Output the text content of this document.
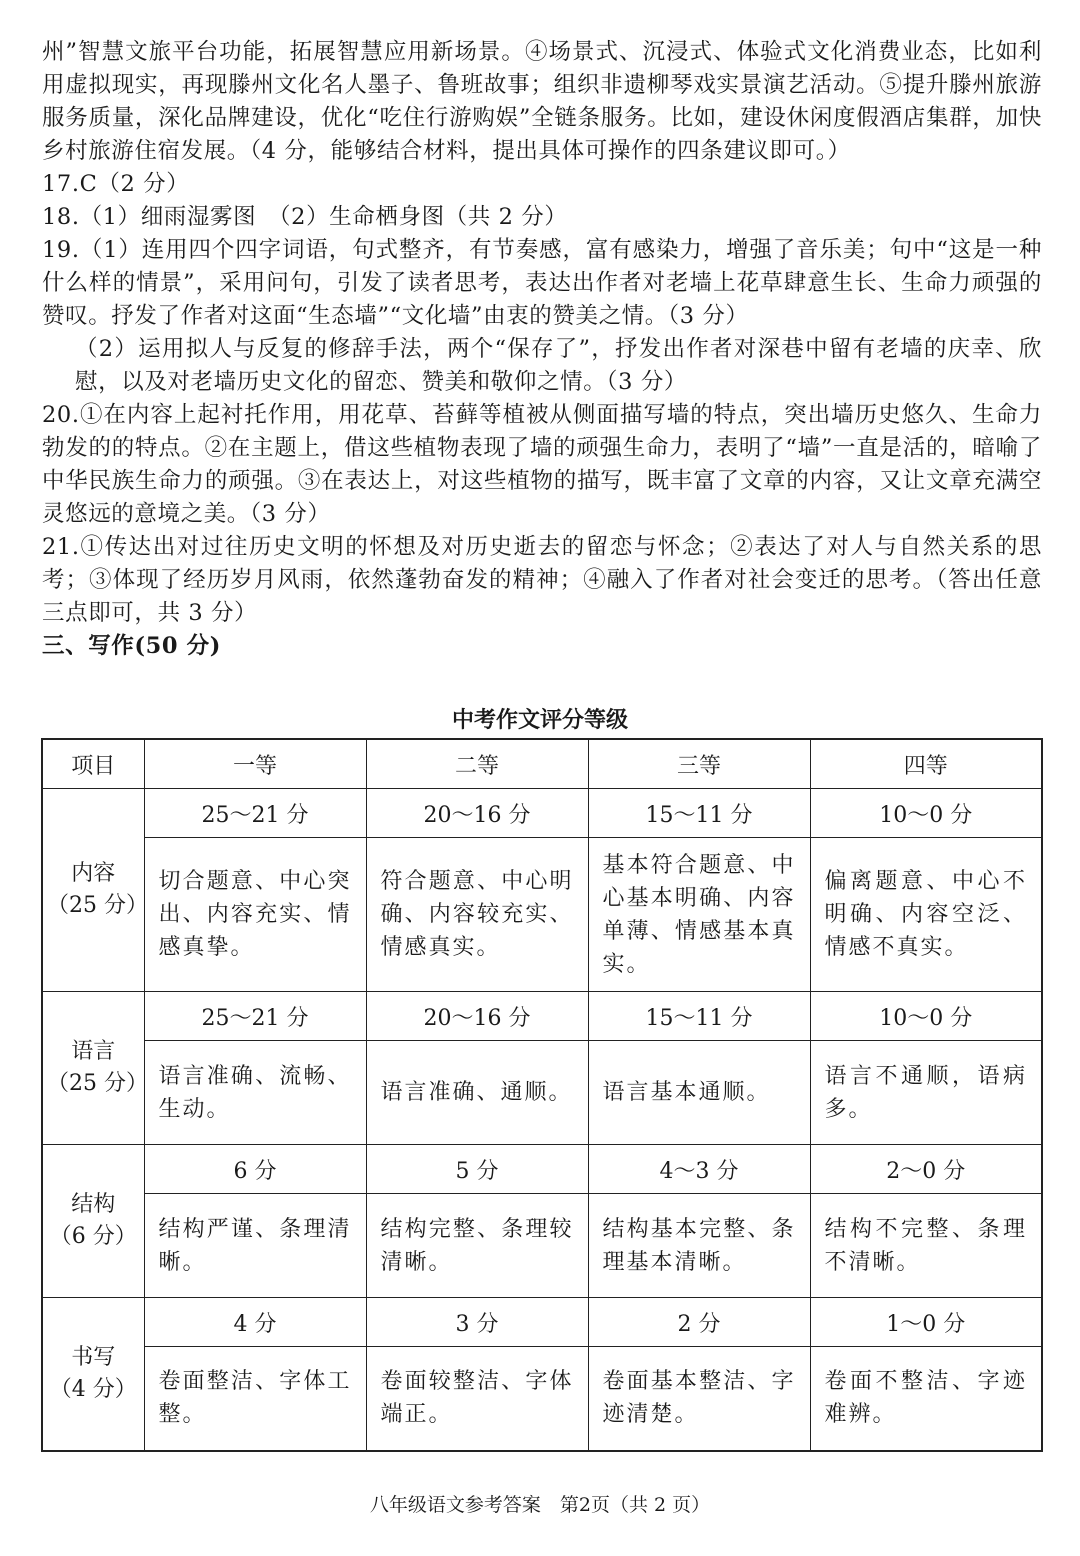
州”智慧文旅平台功能，拓展智慧应用新场景。④场景式、沉浸式、体验式文化消费业态，比如利用虚拟现实，再现滕州文化名人墨子、鲁班故事；组织非遗柳琴戏实景演艺活动。⑤提升滕州旅游服务质量，深化品牌建设，优化“吃住行游购娱”全链条服务。比如，建设休闲度假酒店集群，加快乡村旅游住宿发展。（4 分，能够结合材料，提出具体可操作的四条建议即可。）

17.C（2 分）

18.（1）细雨湿雾图　（2）生命栖身图（共 2 分）

19.（1）连用四个四字词语，句式整齐，有节奏感，富有感染力，增强了音乐美；句中“这是一种什么样的情景”，采用问句，引发了读者思考，表达出作者对老墙上花草肆意生长、生命力顽强的赞叹。抒发了作者对这面“生态墙”“文化墙”由衷的赞美之情。（3 分）

（2）运用拟人与反复的修辞手法，两个“保存了”，抒发出作者对深巷中留有老墙的庆幸、欣慰，以及对老墙历史文化的留恋、赞美和敬仰之情。（3 分）

20.①在内容上起衬托作用，用花草、苔藓等植被从侧面描写墙的特点，突出墙历史悠久、生命力勃发的的特点。②在主题上，借这些植物表现了墙的顽强生命力，表明了“墙”一直是活的，暗喻了中华民族生命力的顽强。③在表达上，对这些植物的描写，既丰富了文章的内容，又让文章充满空灵悠远的意境之美。（3 分）

21.①传达出对过往历史文明的怀想及对历史逝去的留恋与怀念；②表达了对人与自然关系的思考；③体现了经历岁月风雨，依然蓬勃奋发的精神；④融入了作者对社会变迁的思考。（答出任意三点即可，共 3 分）

三、写作(50 分)

中考作文评分等级
项目	一等	二等	三等	四等

内容
（25 分）	25～21 分	20～16 分	15～11 分	10～0 分
	切合题意、中心突出、内容充实、情感真挚。	符合题意、中心明确、内容较充实、情感真实。	基本符合题意、中心基本明确、内容单薄、情感基本真实。	偏离题意、中心不明确、内容空泛、情感不真实。

语言
（25 分）	25～21 分	20～16 分	15～11 分	10～0 分
	语言准确、流畅、生动。	语言准确、通顺。	语言基本通顺。	语言不通顺，语病多。

结构
（6 分）	6 分	5 分	4～3 分	2～0 分
	结构严谨、条理清晰。	结构完整、条理较清晰。	结构基本完整、条理基本清晰。	结构不完整、条理不清晰。

书写
（4 分）	4 分	3 分	2 分	1～0 分
	卷面整洁、字体工整。	卷面较整洁、字体端正。	卷面基本整洁、字迹清楚。	卷面不整洁、字迹难辨。
八年级语文参考答案　第2页（共 2 页）
